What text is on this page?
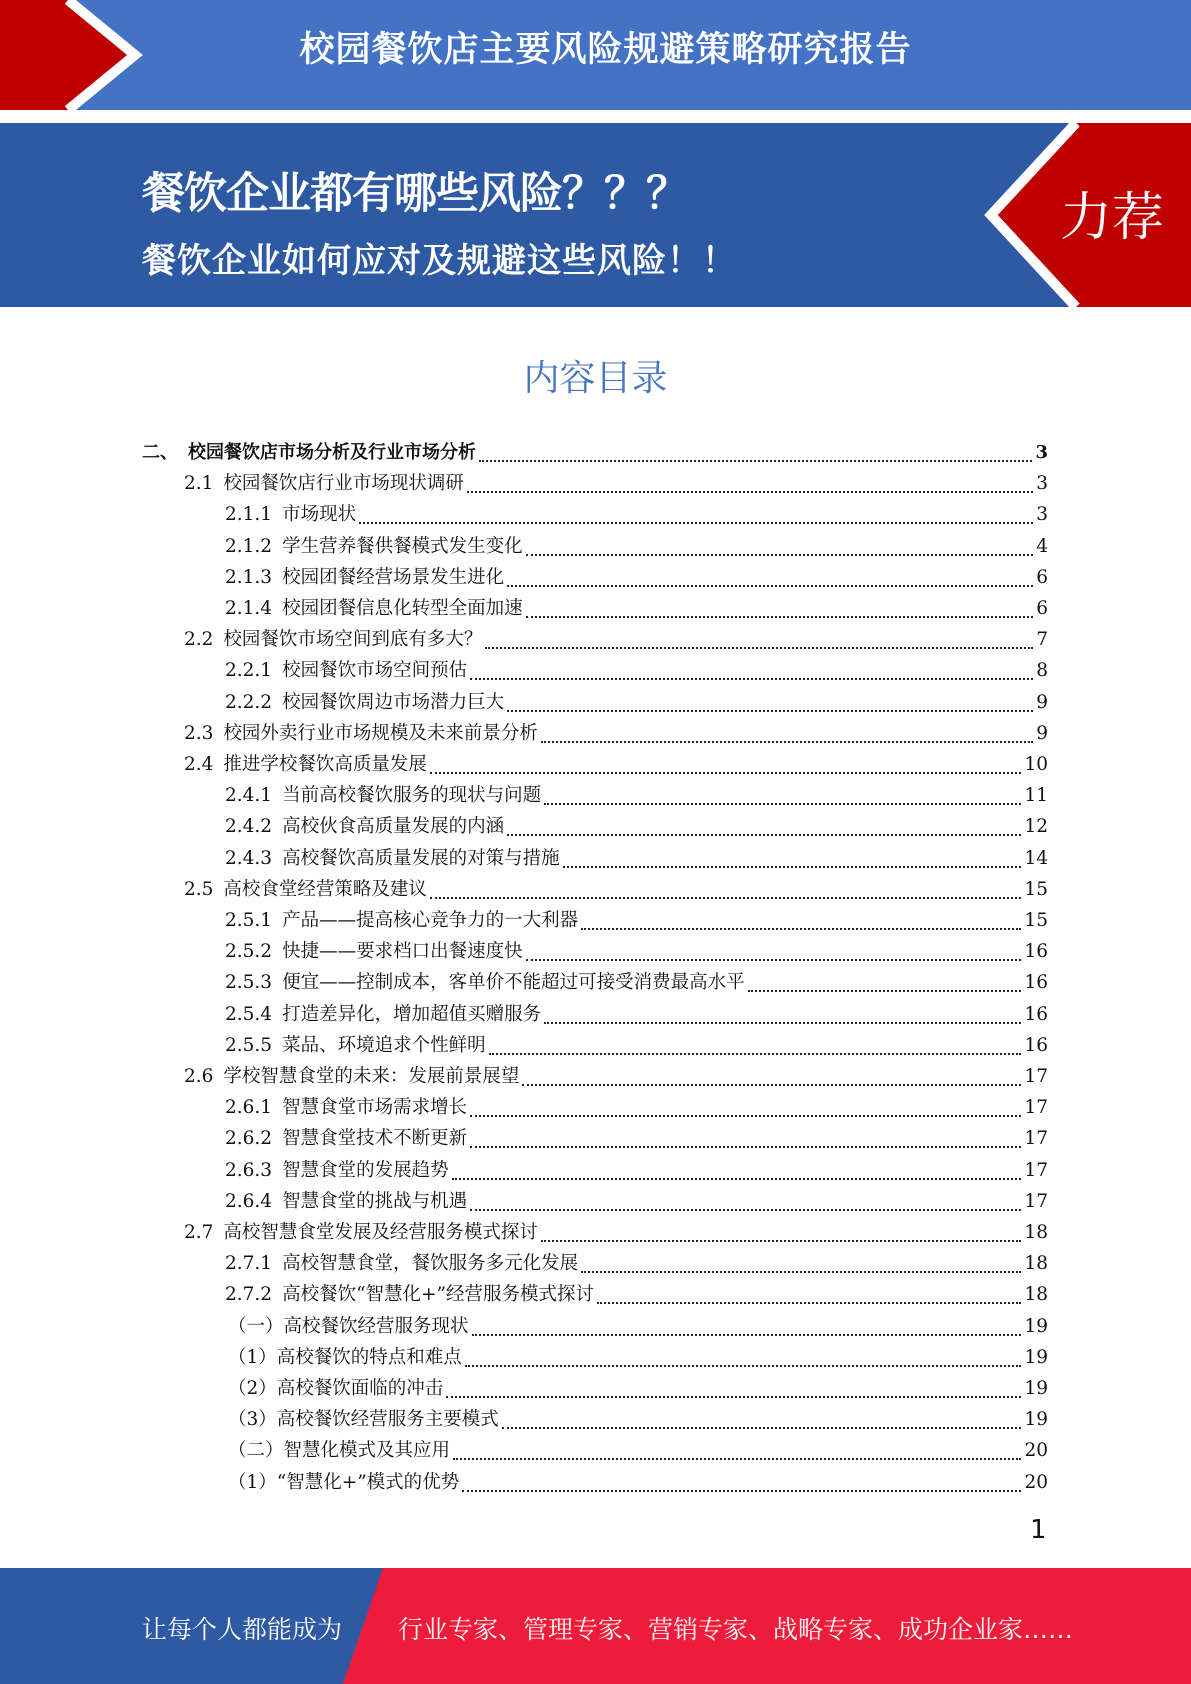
校园餐饮店主要风险规避策略研究报告
餐饮企业都有哪些风险？？？
餐饮企业如何应对及规避这些风险！！
力荐
内容目录
二、 校园餐饮店市场分析及行业市场分析	3
2.1 校园餐饮店行业市场现状调研	3
2.1.1 市场现状	3
2.1.2 学生营养餐供餐模式发生变化	4
2.1.3 校园团餐经营场景发生进化	6
2.1.4 校园团餐信息化转型全面加速	6
2.2 校园餐饮市场空间到底有多大？	7
2.2.1 校园餐饮市场空间预估	8
2.2.2 校园餐饮周边市场潜力巨大	9
2.3 校园外卖行业市场规模及未来前景分析	9
2.4 推进学校餐饮高质量发展	10
2.4.1 当前高校餐饮服务的现状与问题	11
2.4.2 高校伙食高质量发展的内涵	12
2.4.3 高校餐饮高质量发展的对策与措施	14
2.5 高校食堂经营策略及建议	15
2.5.1 产品——提高核心竞争力的一大利器	15
2.5.2 快捷——要求档口出餐速度快	16
2.5.3 便宜——控制成本，客单价不能超过可接受消费最高水平	16
2.5.4 打造差异化，增加超值买赠服务	16
2.5.5 菜品、环境追求个性鲜明	16
2.6 学校智慧食堂的未来：发展前景展望	17
2.6.1 智慧食堂市场需求增长	17
2.6.2 智慧食堂技术不断更新	17
2.6.3 智慧食堂的发展趋势	17
2.6.4 智慧食堂的挑战与机遇	17
2.7 高校智慧食堂发展及经营服务模式探讨	18
2.7.1 高校智慧食堂，餐饮服务多元化发展	18
2.7.2 高校餐饮“智慧化+”经营服务模式探讨	18
（一）高校餐饮经营服务现状	19
（1）高校餐饮的特点和难点	19
（2）高校餐饮面临的冲击	19
（3）高校餐饮经营服务主要模式	19
（二）智慧化模式及其应用	20
（1）“智慧化+”模式的优势	20
1
让每个人都能成为 行业专家、管理专家、营销专家、战略专家、成功企业家……
